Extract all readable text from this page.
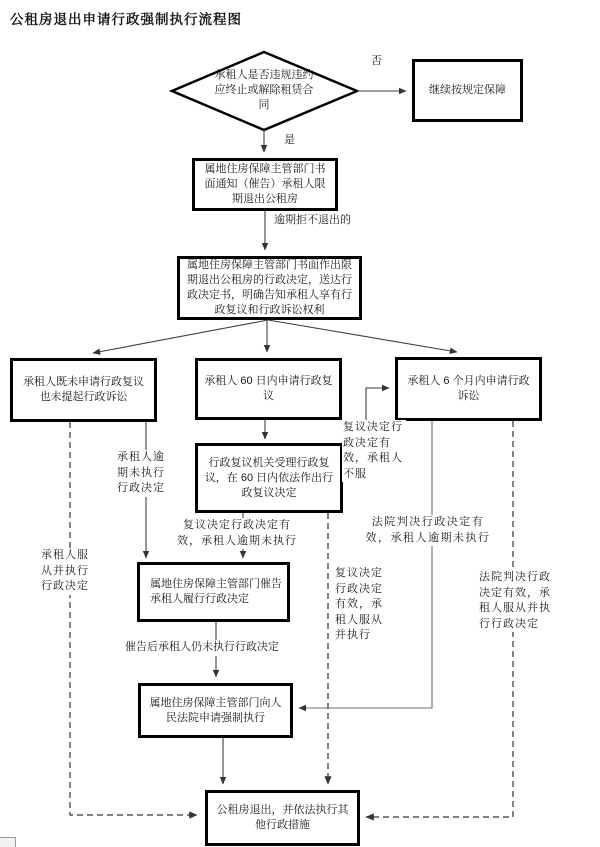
公租房退出申请行政强制执行流程图
承租人是否违规违约应终止或解除租赁合同
继续按规定保障
属地住房保障主管部门书面通知（催告）承租人限期退出公租房
属地住房保障主管部门书面作出限期退出公租房的行政决定，送达行政决定书，明确告知承租人享有行政复议和行政诉讼权利
承租人既未申请行政复议也未提起行政诉讼
承租人 60 日内申请行政复议
承租人 6 个月内申请行政诉讼
行政复议机关受理行政复议，在 60 日内依法作出行政复议决定
属地住房保障主管部门催告承租人履行行政决定
属地住房保障主管部门向人民法院申请强制执行
公租房退出，并依法执行其他行政措施
否
是
逾期拒不退出的
承租人逾期未执行行政决定
承租人服从并执行行政决定
复议决定行政决定有效，承租人不服
复议决定行政决定有效，承租人逾期未执行
复议决定行政决定有效，承租人服从并执行
法院判决行政决定有效，承租人逾期未执行
法院判决行政决定有效，承租人服从并执行行政决定
催告后承租人仍未执行行政决定
